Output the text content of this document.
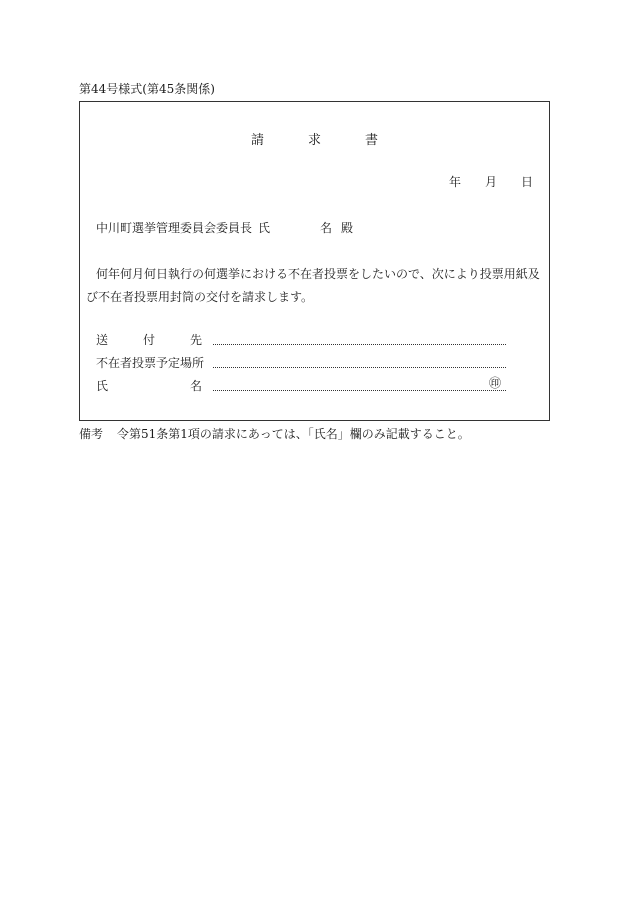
第44号様式(第45条関係)
請	求	書
年 月 日
中川町選挙管理委員会委員長 氏	名 殿
何年何月何日執行の何選挙における不在者投票をしたいので、次により投票用紙及び不在者投票用封筒の交付を請求します。
送	付	先
不在者投票予定場所
氏	名	㊞
備考 令第51条第1項の請求にあっては、「氏名」欄のみ記載すること。
